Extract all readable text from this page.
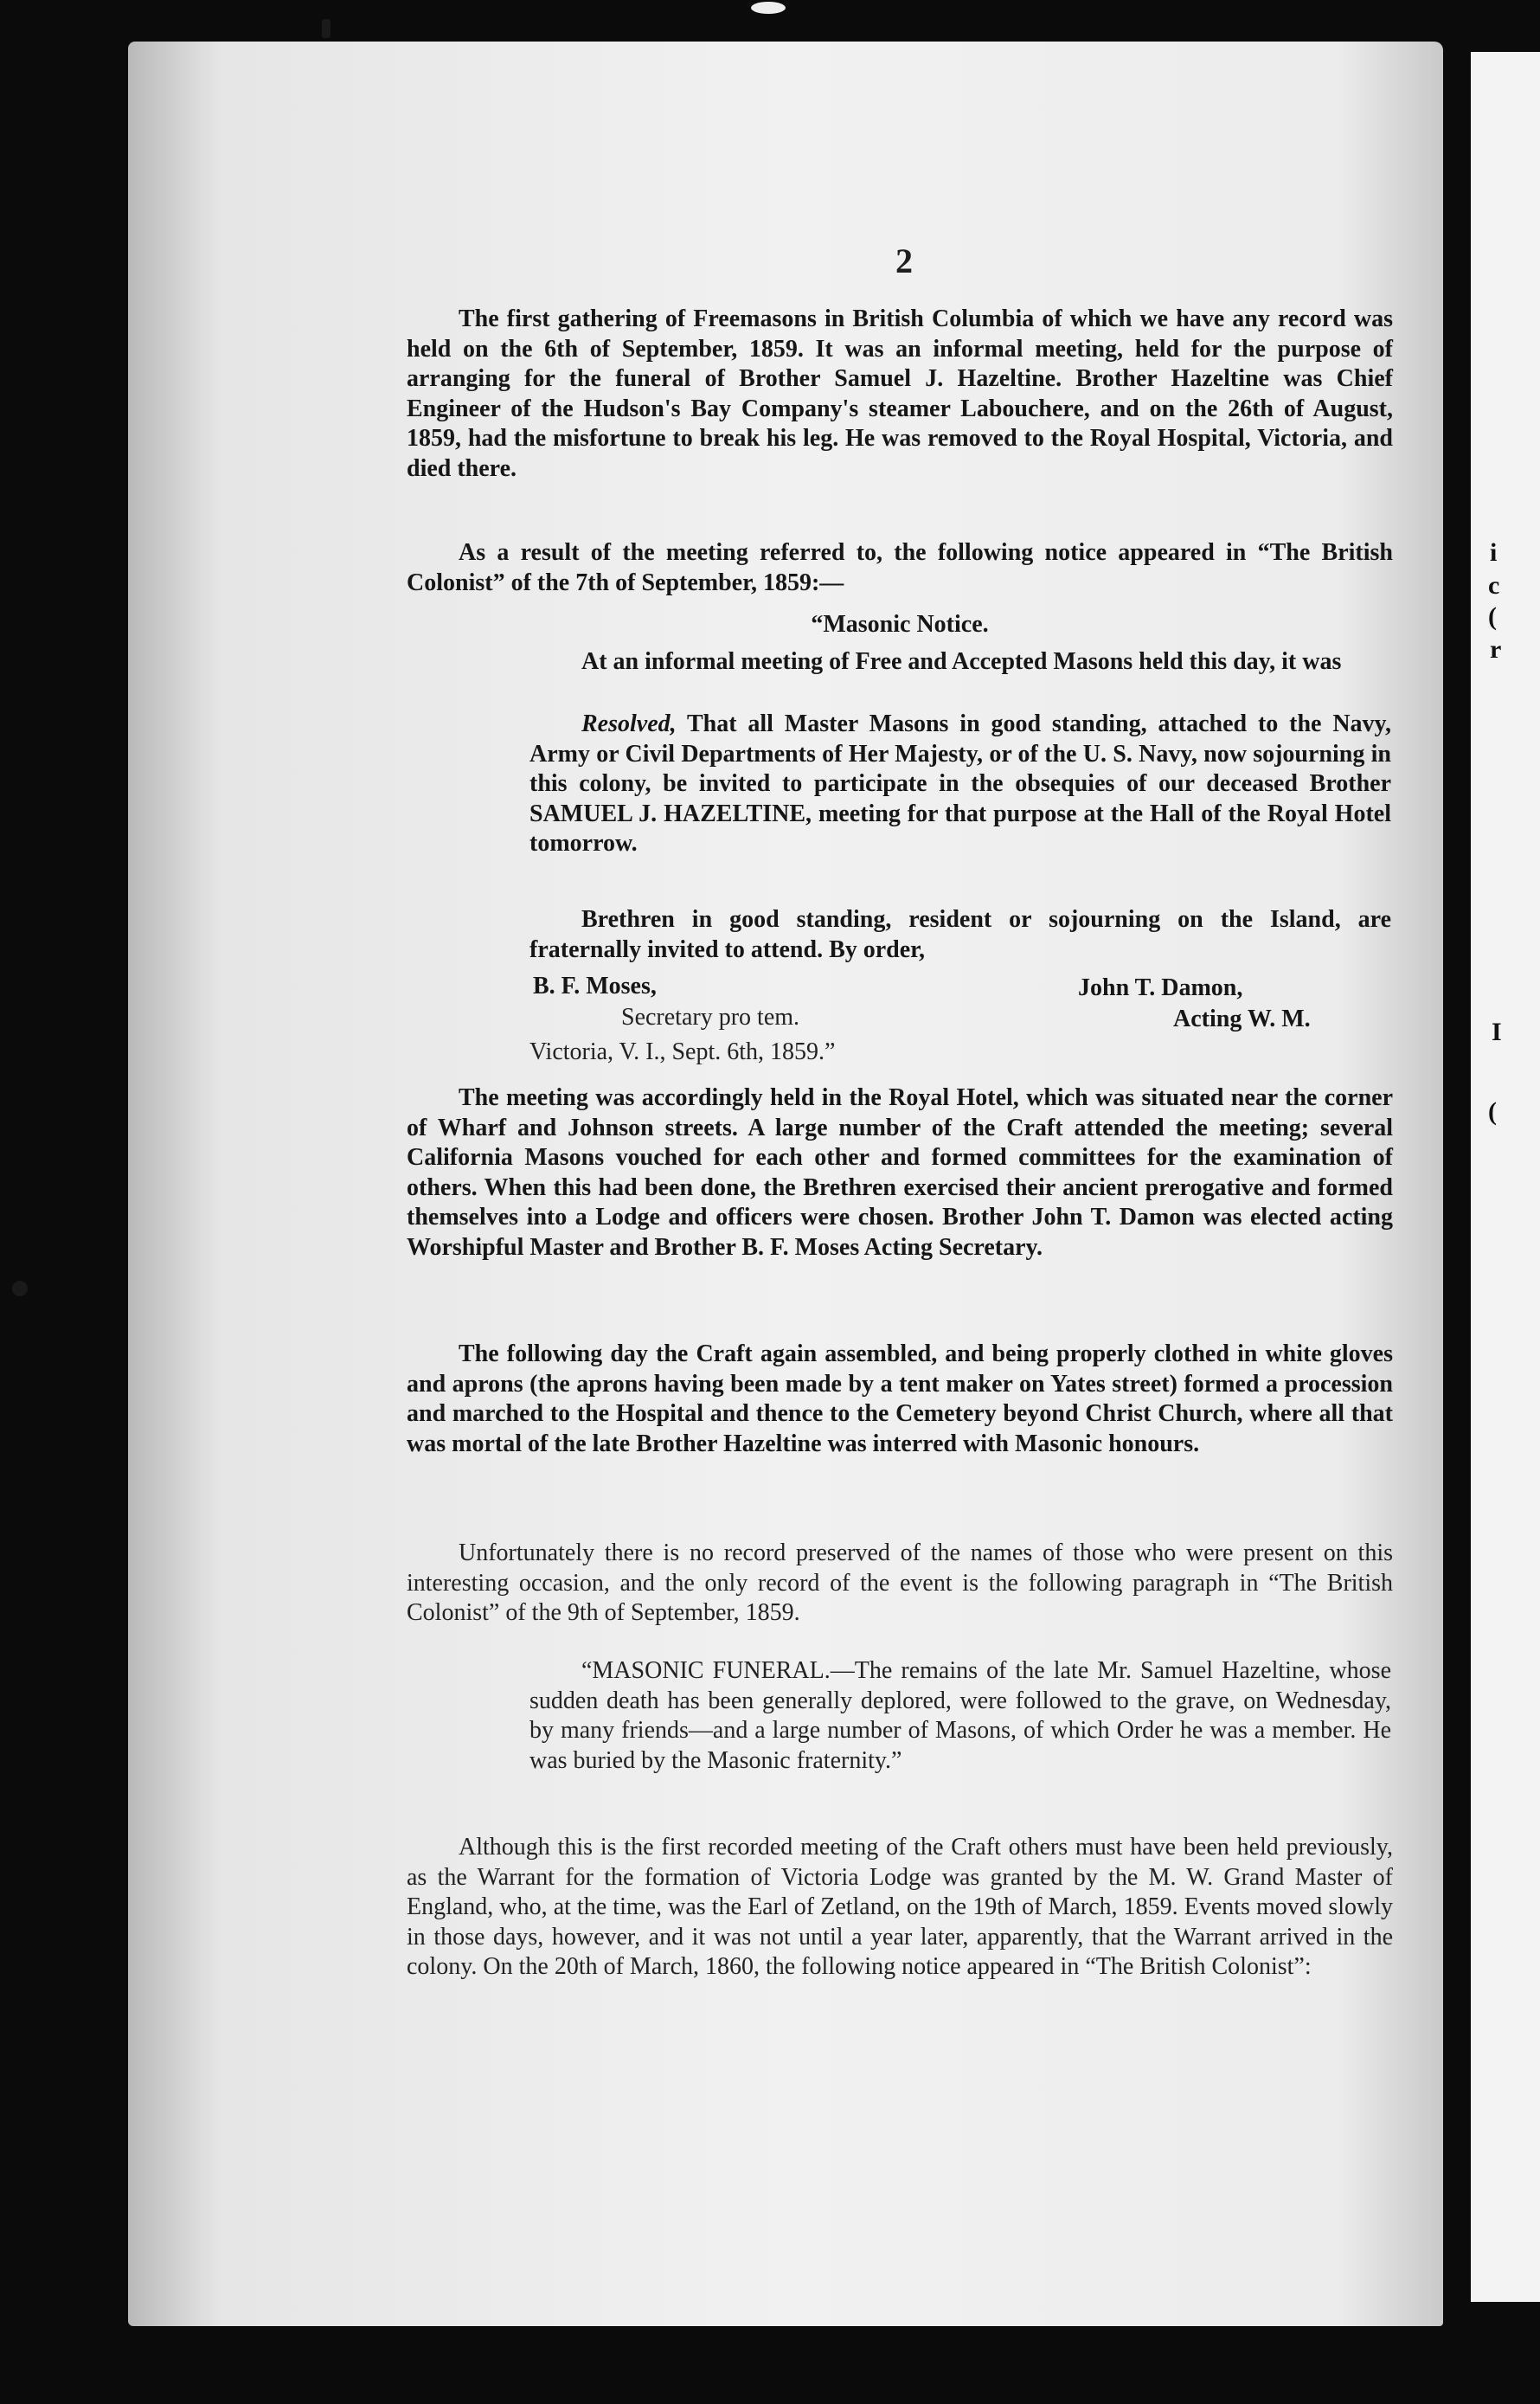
i
c
(
r
I
(
2
The first gathering of Freemasons in British Columbia of which we have any record was held on the 6th of September, 1859. It was an informal meeting, held for the purpose of arranging for the funeral of Brother Samuel J. Hazeltine. Brother Hazeltine was Chief Engineer of the Hudson's Bay Company's steamer Labouchere, and on the 26th of August, 1859, had the misfortune to break his leg. He was removed to the Royal Hospital, Victoria, and died there.
As a result of the meeting referred to, the following notice appeared in “The British Colonist” of the 7th of September, 1859:—
“Masonic Notice.
At an informal meeting of Free and Accepted Masons held this day, it was
Resolved, That all Master Masons in good standing, attached to the Navy, Army or Civil Departments of Her Majesty, or of the U. S. Navy, now sojourning in this colony, be invited to participate in the obsequies of our deceased Brother SAMUEL J. HAZELTINE, meeting for that purpose at the Hall of the Royal Hotel tomorrow.
Brethren in good standing, resident or sojourning on the Island, are fraternally invited to attend. By order,
B. F. Moses,	John T. Damon,
Secretary pro tem.	Acting W. M.
Victoria, V. I., Sept. 6th, 1859.”
The meeting was accordingly held in the Royal Hotel, which was situated near the corner of Wharf and Johnson streets. A large number of the Craft attended the meeting; several California Masons vouched for each other and formed committees for the examination of others. When this had been done, the Brethren exercised their ancient prerogative and formed themselves into a Lodge and officers were chosen. Brother John T. Damon was elected acting Worshipful Master and Brother B. F. Moses Acting Secretary.
The following day the Craft again assembled, and being properly clothed in white gloves and aprons (the aprons having been made by a tent maker on Yates street) formed a procession and marched to the Hospital and thence to the Cemetery beyond Christ Church, where all that was mortal of the late Brother Hazeltine was interred with Masonic honours.
Unfortunately there is no record preserved of the names of those who were present on this interesting occasion, and the only record of the event is the following paragraph in “The British Colonist” of the 9th of September, 1859.
“MASONIC FUNERAL.—The remains of the late Mr. Samuel Hazeltine, whose sudden death has been generally deplored, were followed to the grave, on Wednesday, by many friends—and a large number of Masons, of which Order he was a member. He was buried by the Masonic fraternity.”
Although this is the first recorded meeting of the Craft others must have been held previously, as the Warrant for the formation of Victoria Lodge was granted by the M. W. Grand Master of England, who, at the time, was the Earl of Zetland, on the 19th of March, 1859. Events moved slowly in those days, however, and it was not until a year later, apparently, that the Warrant arrived in the colony. On the 20th of March, 1860, the following notice appeared in “The British Colonist”:
